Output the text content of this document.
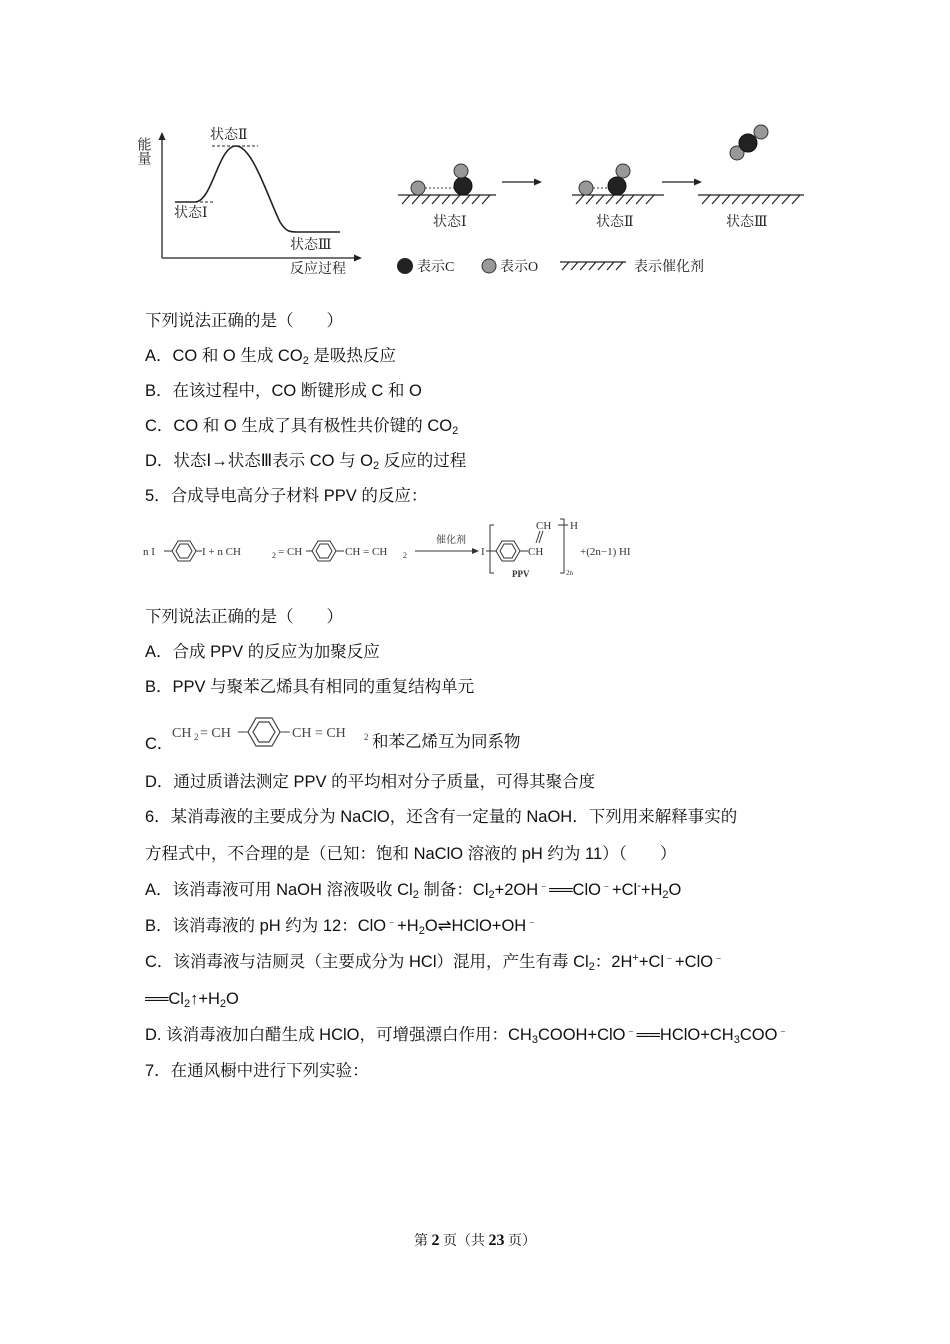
能量
状态Ⅰ
状态Ⅱ
状态Ⅲ
反应过程
状态Ⅰ	状态Ⅱ	状态Ⅲ
表示C	表示O	表示催化剂
下列说法正确的是（　　）
A．CO 和 O 生成 $CO_2$ 是吸热反应
B．在该过程中，CO 断键形成 C 和 O
C．CO 和 O 生成了具有极性共价键的 $CO_2$
D．状态Ⅰ→状态Ⅲ表示 CO 与 $O_2$ 反应的过程
5．合成导电高分子材料 PPV 的反应：
n I	I + n CH	2 = CH	CH = CH 2
催化剂
I	CH
CH H
2n
PPV
+(2n−1) HI
下列说法正确的是（　　）
A．合成 PPV 的反应为加聚反应
B．PPV 与聚苯乙烯具有相同的重复结构单元
C．
CH 2 = CH	CH = CH 2 和苯乙烯互为同系物
D．通过质谱法测定 PPV 的平均相对分子质量，可得其聚合度
6．某消毒液的主要成分为 NaClO，还含有一定量的 NaOH．下列用来解释事实的
方程式中，不合理的是（已知：饱和 NaClO 溶液的 pH 约为 11）（　　）
A．该消毒液可用 NaOH 溶液吸收 $Cl_2$ 制备：$Cl_2+2OH^﹣══ClO^﹣+Cl^-+H_2O$
B．该消毒液的 pH 约为 12：$ClO^﹣+H_2O\rightleftharpoons HClO+OH^﹣$
C．该消毒液与洁厕灵（主要成分为 HCl）混用，产生有毒 $Cl_2$：2H++Cl﹣+ClO﹣
$══Cl_2↑+H_2O$
D. 该消毒液加白醋生成 HClO，可增强漂白作用：$CH_3COOH+ClO^﹣══HClO+CH_3COO^﹣$
7．在通风橱中进行下列实验：
第 2 页（共 23 页）
